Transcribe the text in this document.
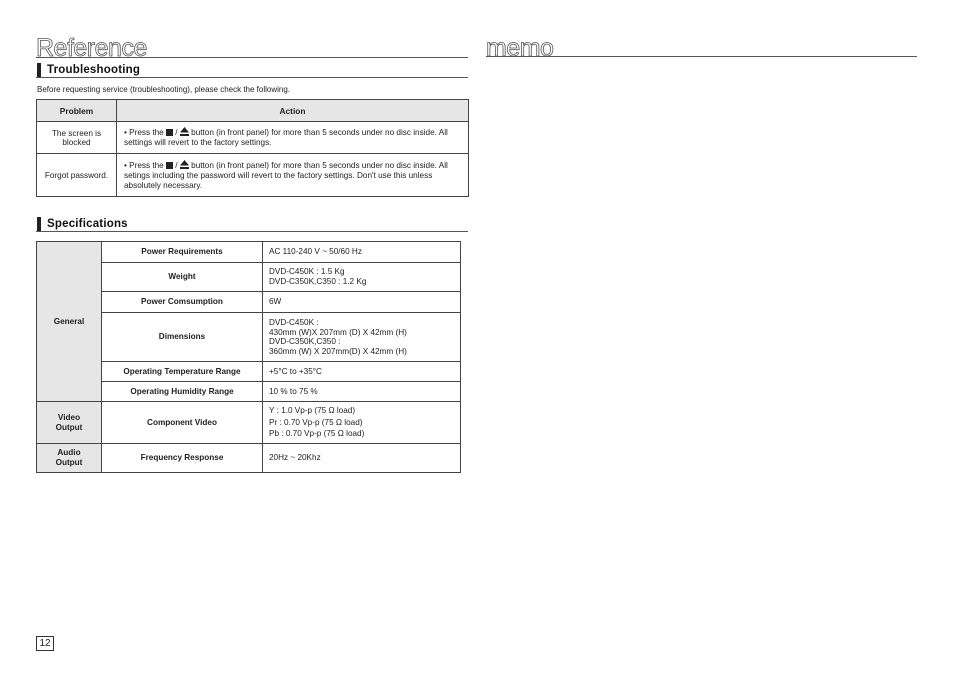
Reference
Troubleshooting
Before requesting service (troubleshooting), please check the following.
Problem	Action
The screen is blocked	• Press the / button (in front panel) for more than 5 seconds under no disc inside. All settings will revert to the factory settings.
Forgot password.	• Press the / button (in front panel) for more than 5 seconds under no disc inside. All setings including the password will revert to the factory settings. Don't use this unless absolutely necessary.
Specifications
General	Power Requirements	AC 110-240 V ~ 50/60 Hz
	Weight	DVD-C450K : 1.5 Kg
DVD-C350K,C350 : 1.2 Kg
	Power Comsumption	6W
	Dimensions	DVD-C450K :
430mm (W)X 207mm (D) X 42mm (H)
DVD-C350K,C350 :
360mm (W) X 207mm(D) X 42mm (H)
	Operating Temperature Range	+5°C to +35°C
	Operating Humidity Range	10 % to 75 %
Video
Output	Component Video	Y : 1.0 Vp-p (75 Ω load)
Pr : 0.70 Vp-p (75 Ω load)
Pb : 0.70 Vp-p (75 Ω load)
Audio
Output	Frequency Response	20Hz ~ 20Khz
12
memo
